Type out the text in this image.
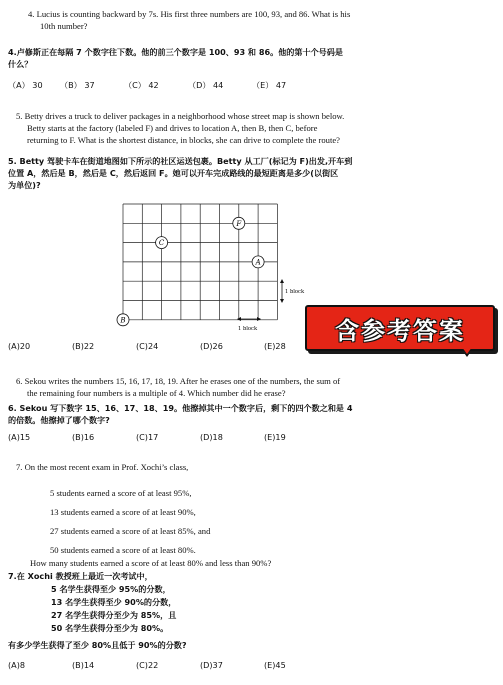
4. Lucius is counting backward by 7s. His first three numbers are 100, 93, and 86. What is his
10th number?
4.卢修斯正在每隔 7 个数字往下数。他的前三个数字是 100、93 和 86。他的第十个号码是
什么？
（A） 30	（B） 37	（C） 42	（D） 44	（E） 47
5. Betty drives a truck to deliver packages in a neighborhood whose street map is shown below.
Betty starts at the factory (labeled F) and drives to location A, then B, then C, before
returning to F. What is the shortest distance, in blocks, she can drive to complete the route?
5. Betty 驾驶卡车在街道地图如下所示的社区运送包裹。Betty 从工厂(标记为 F)出发,开车到
位置 A，然后是 B，然后是 C，然后返回 F。她可以开车完成路线的最短距离是多少(以街区
为单位)?
F
C
A
B
1 block
1 block
(A)20	(B)22	(C)24	(D)26	(E)28
含参考答案
6. Sekou writes the numbers 15, 16, 17, 18, 19. After he erases one of the numbers, the sum of
the remaining four numbers is a multiple of 4. Which number did he erase?
6. Sekou 写下数字 15、16、17、18、19。他擦掉其中一个数字后，剩下的四个数之和是 4
的倍数。他擦掉了哪个数字?
(A)15	(B)16	(C)17	(D)18	(E)19
7. On the most recent exam in Prof. Xochi’s class,
5 students earned a score of at least 95%,
13 students earned a score of at least 90%,
27 students earned a score of at least 85%, and
50 students earned a score of at least 80%.
How many students earned a score of at least 80% and less than 90%?
7.在 Xochi 教授班上最近一次考试中，
5 名学生获得至少 95%的分数，
13 名学生获得至少 90%的分数，
27 名学生获得分至少为 85%，且
50 名学生获得分至少为 80%。
有多少学生获得了至少 80%且低于 90%的分数?
(A)8	(B)14	(C)22	(D)37	(E)45
